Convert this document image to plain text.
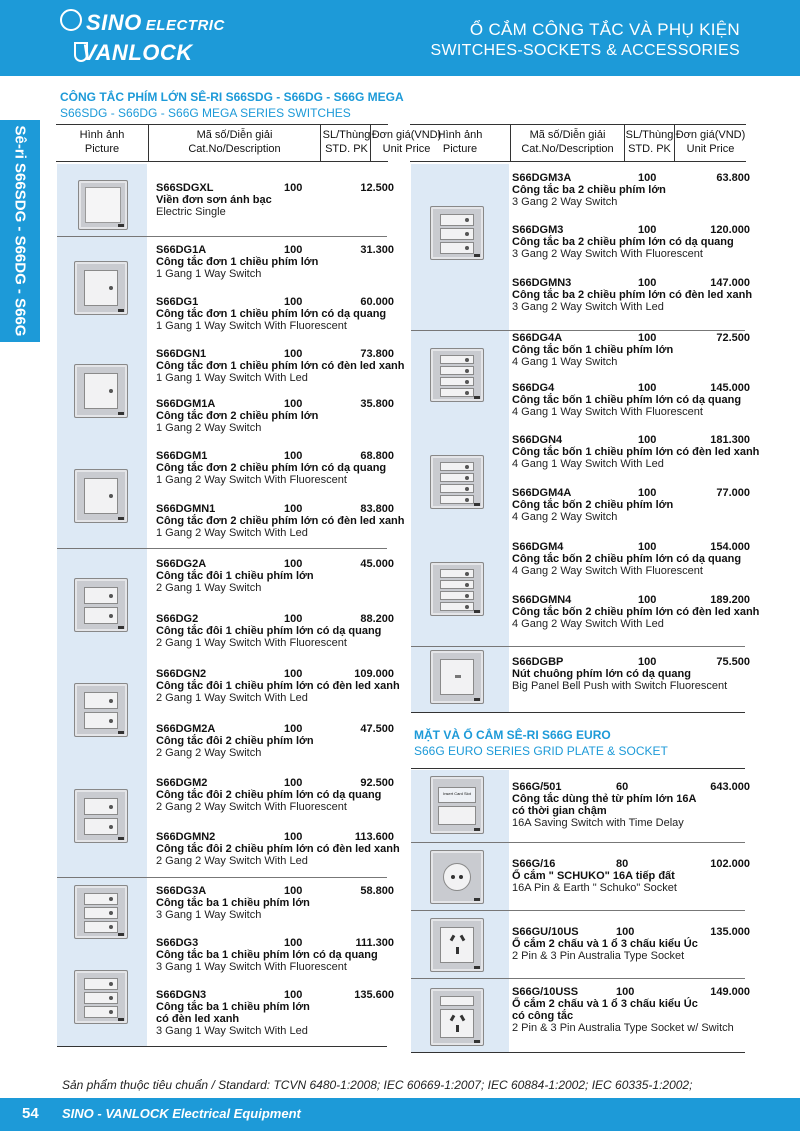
SINO ELECTRIC
VANLOCK
Ổ CẮM CÔNG TẮC VÀ PHỤ KIỆN
SWITCHES-SOCKETS & ACCESSORIES
Sê-ri S66SDG - S66DG - S66G
CÔNG TẮC PHÍM LỚN SÊ-RI S66SDG - S66DG - S66G MEGA
S66SDG - S66DG - S66G MEGA SERIES SWITCHES
Hình ảnh
Picture
Mã số/Diễn giải
Cat.No/Description
SL/Thùng
STD. PK
Đơn giá(VND)
Unit Price
Hình ảnh
Picture
Mã số/Diễn giải
Cat.No/Description
SL/Thùng
STD. PK
Đơn giá(VND)
Unit Price
MẶT VÀ Ổ CẮM SÊ-RI S66G EURO
S66G EURO SERIES GRID PLATE & SOCKET
Insert Card Slot
S66SDGXL	100	12.500
Viền đơn sơn ánh bạc
Electric Single
S66DG1A	100	31.300
Công tắc đơn 1 chiều phím lớn
1 Gang 1 Way Switch
S66DG1	100	60.000
Công tắc đơn 1 chiều phím lớn có dạ quang
1 Gang 1 Way Switch With Fluorescent
S66DGN1	100	73.800
Công tắc đơn 1 chiều phím lớn có đèn led xanh
1 Gang 1 Way Switch With Led
S66DGM1A	100	35.800
Công tắc đơn 2 chiều phím lớn
1 Gang 2 Way Switch
S66DGM1	100	68.800
Công tắc đơn 2 chiều phím lớn có dạ quang
1 Gang 2 Way Switch With Fluorescent
S66DGMN1	100	83.800
Công tắc đơn 2 chiều phím lớn có đèn led xanh
1 Gang 2 Way Switch With Led
S66DG2A	100	45.000
Công tắc đôi 1 chiều phím lớn
2 Gang 1 Way Switch
S66DG2	100	88.200
Công tắc đôi 1 chiều phím lớn có dạ quang
2 Gang 1 Way Switch With Fluorescent
S66DGN2	100	109.000
Công tắc đôi 1 chiều phím lớn có đèn led xanh
2 Gang 1 Way Switch With Led
S66DGM2A	100	47.500
Công tắc đôi 2 chiều phím lớn
2 Gang 2 Way Switch
S66DGM2	100	92.500
Công tắc đôi 2 chiều phím lớn có dạ quang
2 Gang 2 Way Switch With Fluorescent
S66DGMN2	100	113.600
Công tắc đôi 2 chiều phím lớn có đèn led xanh
2 Gang 2 Way Switch With Led
S66DG3A	100	58.800
Công tắc ba 1 chiều phím lớn
3 Gang 1 Way Switch
S66DG3	100	111.300
Công tắc ba 1 chiều phím lớn có dạ quang
3 Gang 1 Way Switch With Fluorescent
S66DGN3	100	135.600
Công tắc ba 1 chiều phím lớn
có đèn led xanh
3 Gang 1 Way Switch With Led
S66DGM3A	100	63.800
Công tắc ba 2 chiều phím lớn
3 Gang 2 Way Switch
S66DGM3	100	120.000
Công tắc ba 2 chiều phím lớn có dạ quang
3 Gang 2 Way Switch With Fluorescent
S66DGMN3	100	147.000
Công tắc ba 2 chiều phím lớn có đèn led xanh
3 Gang 2 Way Switch With Led
S66DG4A	100	72.500
Công tắc bốn 1 chiều phím lớn
4 Gang 1 Way Switch
S66DG4	100	145.000
Công tắc bốn 1 chiều phím lớn có dạ quang
4 Gang 1 Way Switch With Fluorescent
S66DGN4	100	181.300
Công tắc bốn 1 chiều phím lớn có đèn led xanh
4 Gang 1 Way Switch With Led
S66DGM4A	100	77.000
Công tắc bốn 2 chiều phím lớn
4 Gang 2 Way Switch
S66DGM4	100	154.000
Công tắc bốn 2 chiều phím lớn có dạ quang
4 Gang 2 Way Switch With Fluorescent
S66DGMN4	100	189.200
Công tắc bốn 2 chiều phím lớn có đèn led xanh
4 Gang 2 Way Switch With Led
S66DGBP	100	75.500
Nút chuông phím lớn có dạ quang
Big Panel Bell Push with Switch Fluorescent
S66G/501	60	643.000
Công tắc dùng thẻ từ phím lớn 16A
có thời gian chậm
16A Saving Switch with Time Delay
S66G/16	80	102.000
Ổ cắm " SCHUKO" 16A tiếp đất
16A Pin & Earth " Schuko" Socket
S66GU/10US	100	135.000
Ổ cắm 2 chấu và 1 ổ 3 chấu kiểu Úc
2 Pin & 3 Pin Australia Type Socket
S66G/10USS	100	149.000
Ổ cắm 2 chấu và 1 ổ 3 chấu kiểu Úc
có công tắc
2 Pin & 3 Pin Australia Type Socket w/ Switch
Sản phẩm thuộc tiêu chuẩn / Standard: TCVN 6480-1:2008; IEC 60669-1:2007; IEC 60884-1:2002; IEC 60335-1:2002;
54 SINO - VANLOCK Electrical Equipment
